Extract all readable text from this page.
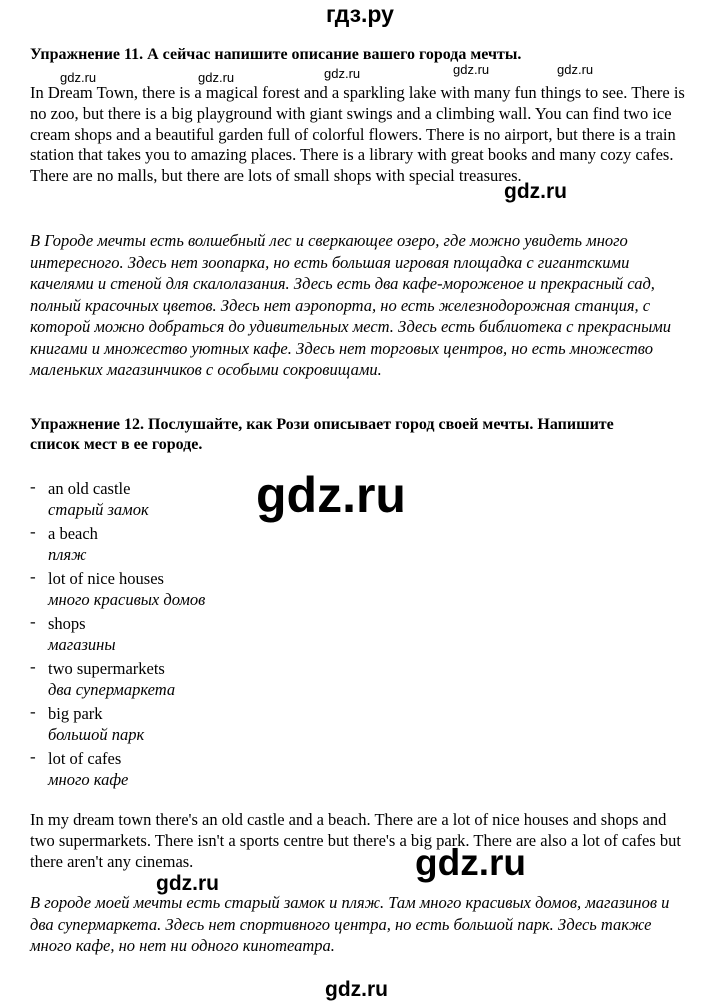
гдз.ру
Упражнение 11. А сейчас напишите описание вашего города мечты.
In Dream Town, there is a magical forest and a sparkling lake with many fun things to see. There is no zoo, but there is a big playground with giant swings and a climbing wall. You can find two ice cream shops and a beautiful garden full of colorful flowers. There is no airport, but there is a train station that takes you to amazing places. There is a library with great books and many cozy cafes. There are no malls, but there are lots of small shops with special treasures.
В Городе мечты есть волшебный лес и сверкающее озеро, где можно увидеть много интересного. Здесь нет зоопарка, но есть большая игровая площадка с гигантскими качелями и стеной для скалолазания. Здесь есть два кафе-мороженое и прекрасный сад, полный красочных цветов. Здесь нет аэропорта, но есть железнодорожная станция, с которой можно добраться до удивительных мест. Здесь есть библиотека с прекрасными книгами и множество уютных кафе. Здесь нет торговых центров, но есть множество маленьких магазинчиков с особыми сокровищами.
Упражнение 12. Послушайте, как Рози описывает город своей мечты. Напишите список мест в ее городе.
- an old castle
старый замок
- a beach
пляж
- lot of nice houses
много красивых домов
- shops
магазины
- two supermarkets
два супермаркета
- big park
большой парк
- lot of cafes
много кафе
In my dream town there's an old castle and a beach. There are a lot of nice houses and shops and two supermarkets. There isn't a sports centre but there's a big park. There are also a lot of cafes but there aren't any cinemas.
В городе моей мечты есть старый замок и пляж. Там много красивых домов, магазинов и два супермаркета. Здесь нет спортивного центра, но есть большой парк. Здесь также много кафе, но нет ни одного кинотеатра.
gdz.ru	gdz.ru	gdz.ru	gdz.ru	gdz.ru
gdz.ru
gdz.ru
gdz.ru
gdz.ru
gdz.ru
